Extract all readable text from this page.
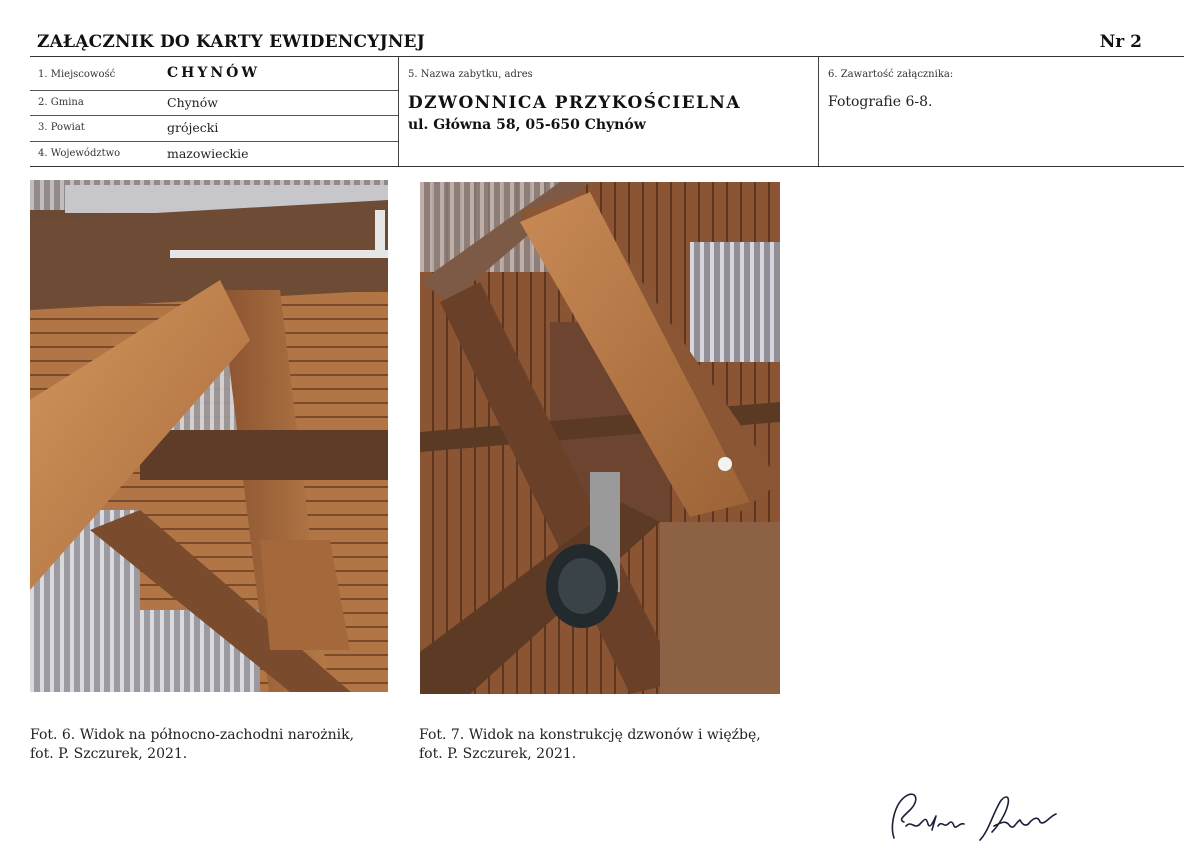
ZAŁĄCZNIK DO KARTY EWIDENCYJNEJ	Nr 2
1. Miejscowość	CHYNÓW
2. Gmina	Chynów
3. Powiat	grójecki
4. Województwo	mazowieckie
5. Nazwa zabytku, adres
DZWONNICA PRZYKOŚCIELNA
ul. Główna 58, 05-650 Chynów
6. Zawartość załącznika:
Fotografie 6-8.
Fot. 6. Widok na północno-zachodni narożnik,
fot. P. Szczurek, 2021.
Fot. 7. Widok na konstrukcję dzwonów i więźbę,
fot. P. Szczurek, 2021.
